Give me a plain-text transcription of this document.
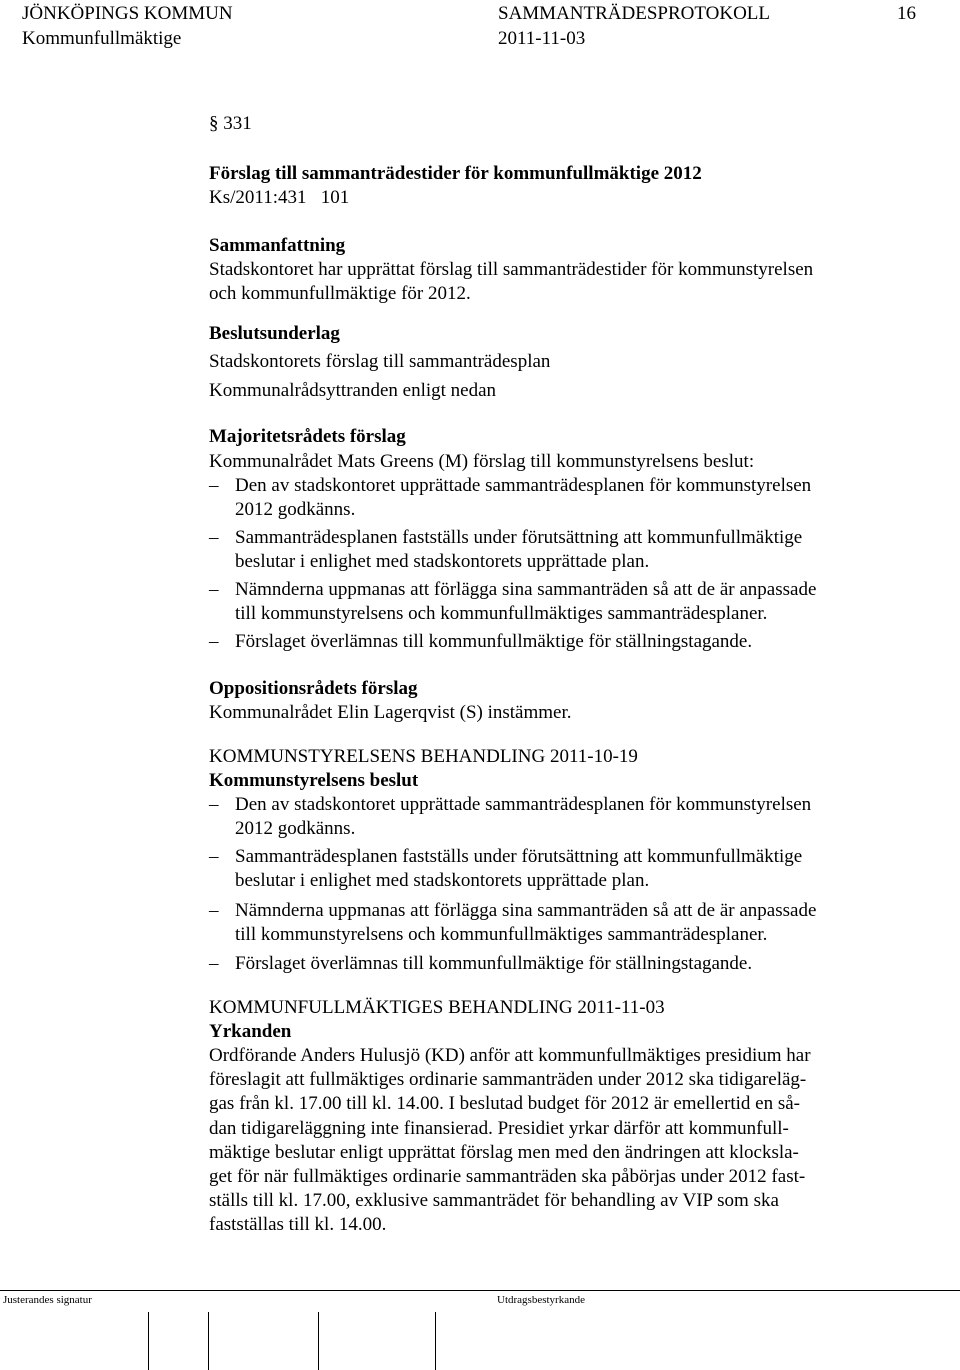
JÖNKÖPINGS KOMMUN	SAMMANTRÄDESPROTOKOLL	16
Kommunfullmäktige	2011-11-03
§ 331
Förslag till sammanträdestider för kommunfullmäktige 2012
Ks/2011:431   101
Sammanfattning
Stadskontoret har upprättat förslag till sammanträdestider för kommunstyrelsen
och kommunfullmäktige för 2012.
Beslutsunderlag
Stadskontorets förslag till sammanträdesplan
Kommunalrådsyttranden enligt nedan
Majoritetsrådets förslag
Kommunalrådet Mats Greens (M) förslag till kommunstyrelsens beslut:
– Den av stadskontoret upprättade sammanträdesplanen för kommunstyrelsen
2012 godkänns.
– Sammanträdesplanen fastställs under förutsättning att kommunfullmäktige
beslutar i enlighet med stadskontorets upprättade plan.
– Nämnderna uppmanas att förlägga sina sammanträden så att de är anpassade
till kommunstyrelsens och kommunfullmäktiges sammanträdesplaner.
– Förslaget överlämnas till kommunfullmäktige för ställningstagande.
Oppositionsrådets förslag
Kommunalrådet Elin Lagerqvist (S) instämmer.
KOMMUNSTYRELSENS BEHANDLING 2011-10-19
Kommunstyrelsens beslut
– Den av stadskontoret upprättade sammanträdesplanen för kommunstyrelsen
2012 godkänns.
– Sammanträdesplanen fastställs under förutsättning att kommunfullmäktige
beslutar i enlighet med stadskontorets upprättade plan.
– Nämnderna uppmanas att förlägga sina sammanträden så att de är anpassade
till kommunstyrelsens och kommunfullmäktiges sammanträdesplaner.
– Förslaget överlämnas till kommunfullmäktige för ställningstagande.
KOMMUNFULLMÄKTIGES BEHANDLING 2011-11-03
Yrkanden
Ordförande Anders Hulusjö (KD) anför att kommunfullmäktiges presidium har
föreslagit att fullmäktiges ordinarie sammanträden under 2012 ska tidigareläg-
gas från kl. 17.00 till kl. 14.00. I beslutad budget för 2012 är emellertid en så-
dan tidigareläggning inte finansierad. Presidiet yrkar därför att kommunfull-
mäktige beslutar enligt upprättat förslag men med den ändringen att klocksla-
get för när fullmäktiges ordinarie sammanträden ska påbörjas under 2012 fast-
ställs till kl. 17.00, exklusive sammanträdet för behandling av VIP som ska
fastställas till kl. 14.00.
Justerandes signatur	Utdragsbestyrkande
